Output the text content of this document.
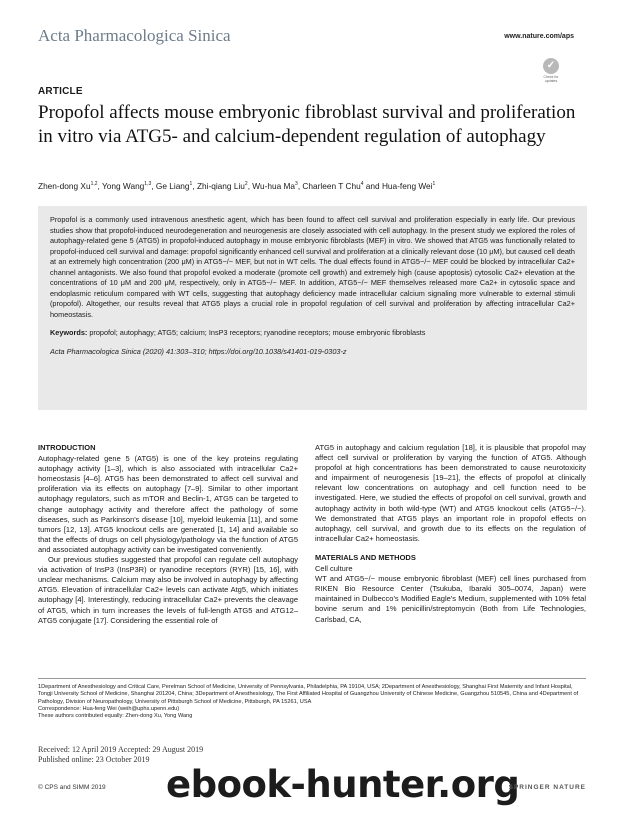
Acta Pharmacologica Sinica	www.nature.com/aps
✓
Check for updates
ARTICLE
Propofol affects mouse embryonic fibroblast survival and proliferation in vitro via ATG5- and calcium-dependent regulation of autophagy
Zhen-dong Xu$^{1,2}$, Yong Wang$^{1,3}$, Ge Liang$^1$, Zhi-qiang Liu$^2$, Wu-hua Ma$^3$, Charleen T Chu$^4$ and Hua-feng Wei$^1$
Propofol is a commonly used intravenous anesthetic agent, which has been found to affect cell survival and proliferation especially in early life. Our previous studies show that propofol-induced neurodegeneration and neurogenesis are closely associated with cell autophagy. In the present study we explored the roles of autophagy-related gene 5 (ATG5) in propofol-induced autophagy in mouse embryonic fibroblasts (MEF) in vitro. We showed that ATG5 was functionally related to propofol-induced cell survival and damage: propofol significantly enhanced cell survival and proliferation at a clinically relevant dose (10 μM), but caused cell death at an extremely high concentration (200 μM) in ATG5−/− MEF, but not in WT cells. The dual effects found in ATG5−/− MEF could be blocked by intracellular Ca2+ channel antagonists. We also found that propofol evoked a moderate (promote cell growth) and extremely high (cause apoptosis) cytosolic Ca2+ elevation at the concentrations of 10 μM and 200 μM, respectively, only in ATG5−/− MEF. In addition, ATG5−/− MEF themselves released more Ca2+ in cytosolic space and endoplasmic reticulum compared with WT cells, suggesting that autophagy deficiency made intracellular calcium signaling more vulnerable to external stimuli (propofol). Altogether, our results reveal that ATG5 plays a crucial role in propofol regulation of cell survival and proliferation by affecting intracellular Ca2+ homeostasis.
Keywords: propofol; autophagy; ATG5; calcium; InsP3 receptors; ryanodine receptors; mouse embryonic fibroblasts
Acta Pharmacologica Sinica (2020) 41:303–310; https://doi.org/10.1038/s41401-019-0303-z
INTRODUCTION

Autophagy-related gene 5 (ATG5) is one of the key proteins regulating autophagy activity [1–3], which is also associated with intracellular Ca2+ homeostasis [4–6]. ATG5 has been demonstrated to affect cell survival and proliferation via its effects on autophagy [7–9]. Similar to other important autophagy regulators, such as mTOR and Beclin-1, ATG5 can be targeted to change autophagy activity and therefore affect the pathology of some diseases, such as Parkinson's disease [10], myeloid leukemia [11], and some tumors [12, 13]. ATG5 knockout cells are generated [1, 14] and available so that the effects of drugs on cell physiology/pathology via the function of ATG5 and associated autophagy activity can be investigated conveniently.

Our previous studies suggested that propofol can regulate cell autophagy via activation of InsP3 (InsP3R) or ryanodine receptors (RYR) [15, 16], with unclear mechanisms. Calcium may also be involved in autophagy by affecting ATG5. Elevation of intracellular Ca2+ levels can activate Atg5, which initiates autophagy [4]. Interestingly, reducing intracellular Ca2+ prevents the cleavage of ATG5, which in turn increases the levels of full-length ATG5 and ATG12–ATG5 conjugate [17]. Considering the essential role of

ATG5 in autophagy and calcium regulation [18], it is plausible that propofol may affect cell survival or proliferation by varying the function of ATG5. Although propofol at high concentrations has been demonstrated to cause neurotoxicity and impairment of neurogenesis [19–21], the effects of propofol at clinically relevant low concentrations on autophagy and cell function need to be investigated. Here, we studied the effects of propofol on cell survival, growth and autophagy activity in both wild-type (WT) and ATG5 knockout cells (ATG5−/−). We demonstrated that ATG5 plays an important role in propofol effects on autophagy, cell survival, and growth due to its effects on the regulation of intracellular Ca2+ homeostasis.

MATERIALS AND METHODS
Cell culture

WT and ATG5−/− mouse embryonic fibroblast (MEF) cell lines purchased from RIKEN Bio Resource Center (Tsukuba, Ibaraki 305–0074, Japan) were maintained in Dulbecco's Modified Eagle's Medium, supplemented with 10% fetal bovine serum and 1% penicillin/streptomycin (Both from Life Technologies, Carlsbad, CA,

1Department of Anesthesiology and Critical Care, Perelman School of Medicine, University of Pennsylvania, Philadelphia, PA 19104, USA; 2Department of Anesthesiology, Shanghai First Maternity and Infant Hospital, Tongji University School of Medicine, Shanghai 201204, China; 3Department of Anesthesiology, The First Affiliated Hospital of Guangzhou University of Chinese Medicine, Guangzhou 510545, China and 4Department of Pathology, Division of Neuropathology, University of Pittsburgh School of Medicine, Pittsburgh, PA 15261, USA
Correspondence: Hua-feng Wei (weih@uphs.upenn.edu)
These authors contributed equally: Zhen-dong Xu, Yong Wang
Received: 12 April 2019 Accepted: 29 August 2019
Published online: 23 October 2019
© CPS and SIMM 2019 ebook-hunter.org
SPRINGER NATURE
